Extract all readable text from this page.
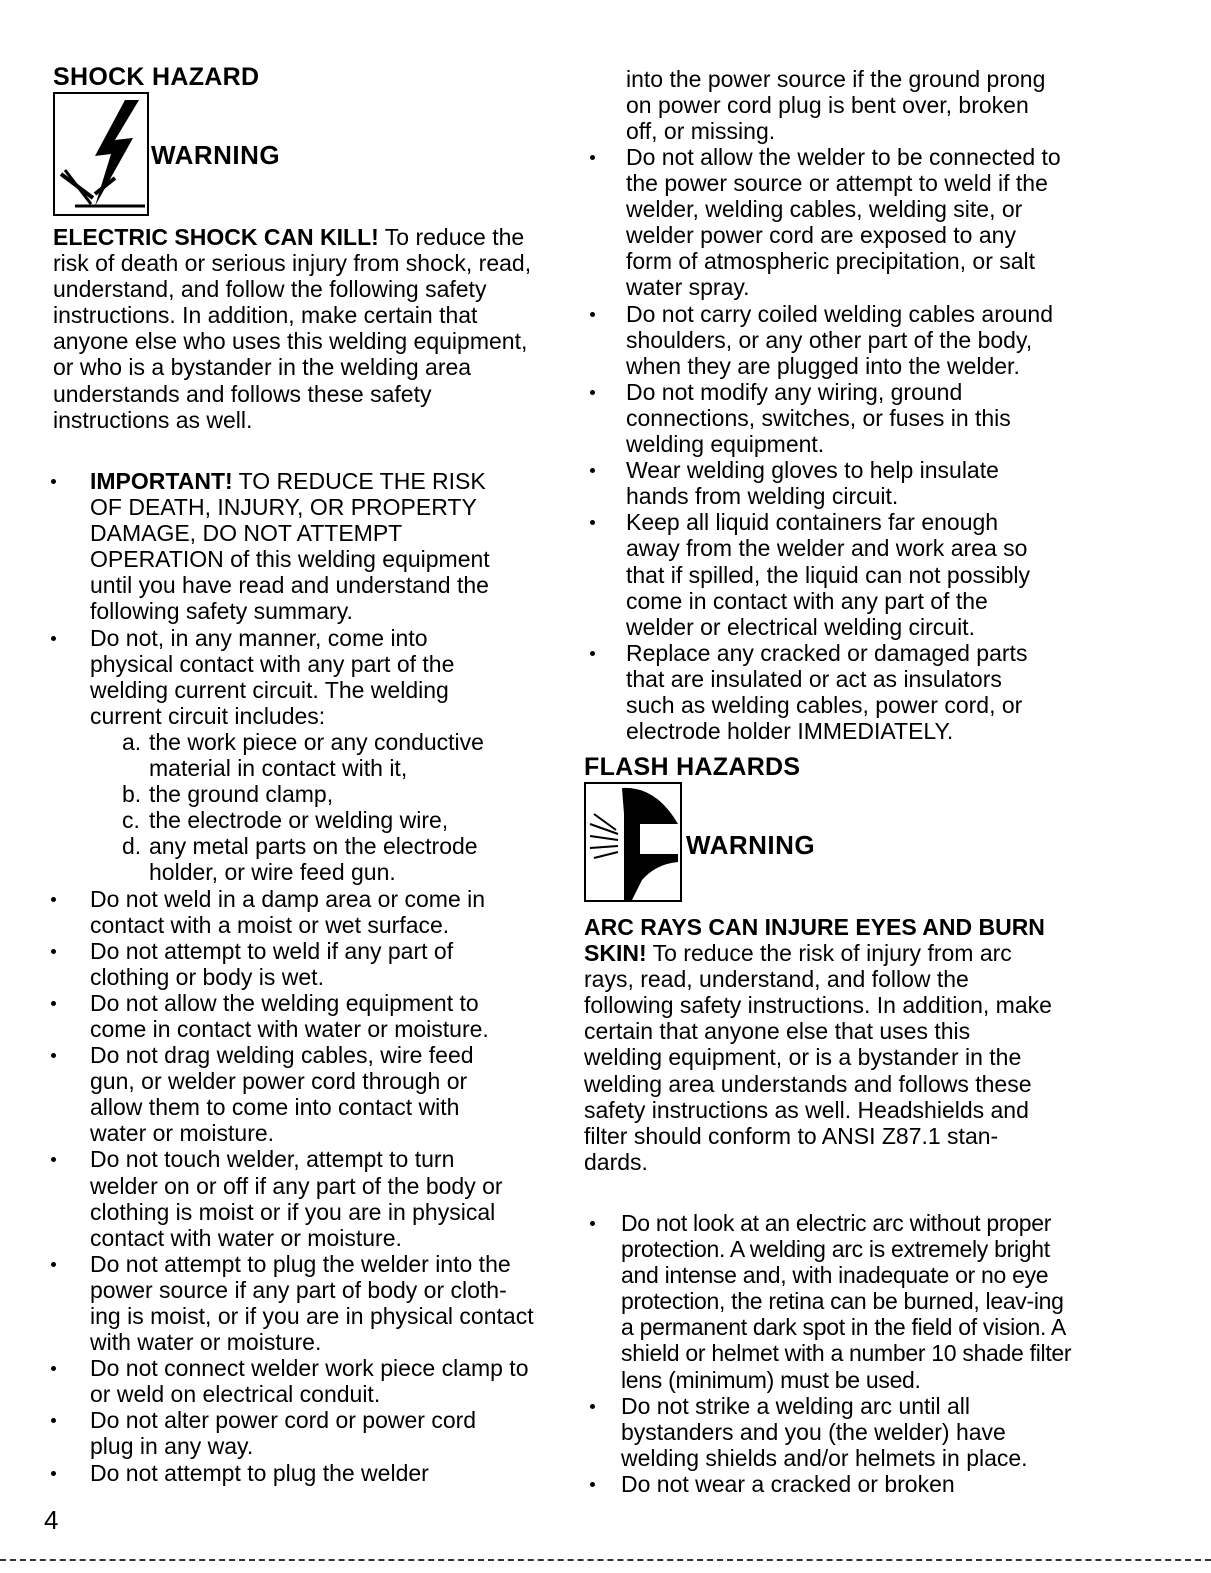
SHOCK HAZARD
WARNING
ELECTRIC SHOCK CAN KILL! To reduce the risk of death or serious injury from shock, read, understand, and follow the following safety instructions. In addition, make certain that anyone else who uses this welding equipment, or who is a bystander in the welding area understands and follows these safety instructions as well.
IMPORTANT! TO REDUCE THE RISK OF DEATH, INJURY, OR PROPERTY DAMAGE, DO NOT ATTEMPT OPERATION of this welding equipment until you have read and understand the following safety summary.
Do not, in any manner, come into physical contact with any part of the welding current circuit. The welding current circuit includes:
a. the work piece or any conductive material in contact with it,
b. the ground clamp,
c. the electrode or welding wire,
d. any metal parts on the electrode holder, or wire feed gun.
Do not weld in a damp area or come in contact with a moist or wet surface.
Do not attempt to weld if any part of clothing or body is wet.
Do not allow the welding equipment to come in contact with water or moisture.
Do not drag welding cables, wire feed gun, or welder power cord through or allow them to come into contact with water or moisture.
Do not touch welder, attempt to turn welder on or off if any part of the body or clothing is moist or if you are in physical contact with water or moisture.
Do not attempt to plug the welder into the power source if any part of body or cloth-ing is moist, or if you are in physical contact with water or moisture.
Do not connect welder work piece clamp to or weld on electrical conduit.
Do not alter power cord or power cord plug in any way.
Do not attempt to plug the welder
into the power source if the ground prong on power cord plug is bent over, broken off, or missing.
Do not allow the welder to be connected to the power source or attempt to weld if the welder, welding cables, welding site, or welder power cord are exposed to any form of atmospheric precipitation, or salt water spray.
Do not carry coiled welding cables around shoulders, or any other part of the body, when they are plugged into the welder.
Do not modify any wiring, ground connections, switches, or fuses in this welding equipment.
Wear welding gloves to help insulate hands from welding circuit.
Keep all liquid containers far enough away from the welder and work area so that if spilled, the liquid can not possibly come in contact with any part of the welder or electrical welding circuit.
Replace any cracked or damaged parts that are insulated or act as insulators such as welding cables, power cord, or electrode holder IMMEDIATELY.
FLASH HAZARDS
WARNING
ARC RAYS CAN INJURE EYES AND BURN SKIN! To reduce the risk of injury from arc rays, read, understand, and follow the following safety instructions. In addition, make certain that anyone else that uses this welding equipment, or is a bystander in the welding area understands and follows these safety instructions as well. Headshields and filter should conform to ANSI Z87.1 stan-dards.
Do not look at an electric arc without proper protection. A welding arc is extremely bright and intense and, with inadequate or no eye protection, the retina can be burned, leav-ing a permanent dark spot in the field of vision. A shield or helmet with a number 10 shade filter lens (minimum) must be used.
Do not strike a welding arc until all bystanders and you (the welder) have welding shields and/or helmets in place.
Do not wear a cracked or broken
4
